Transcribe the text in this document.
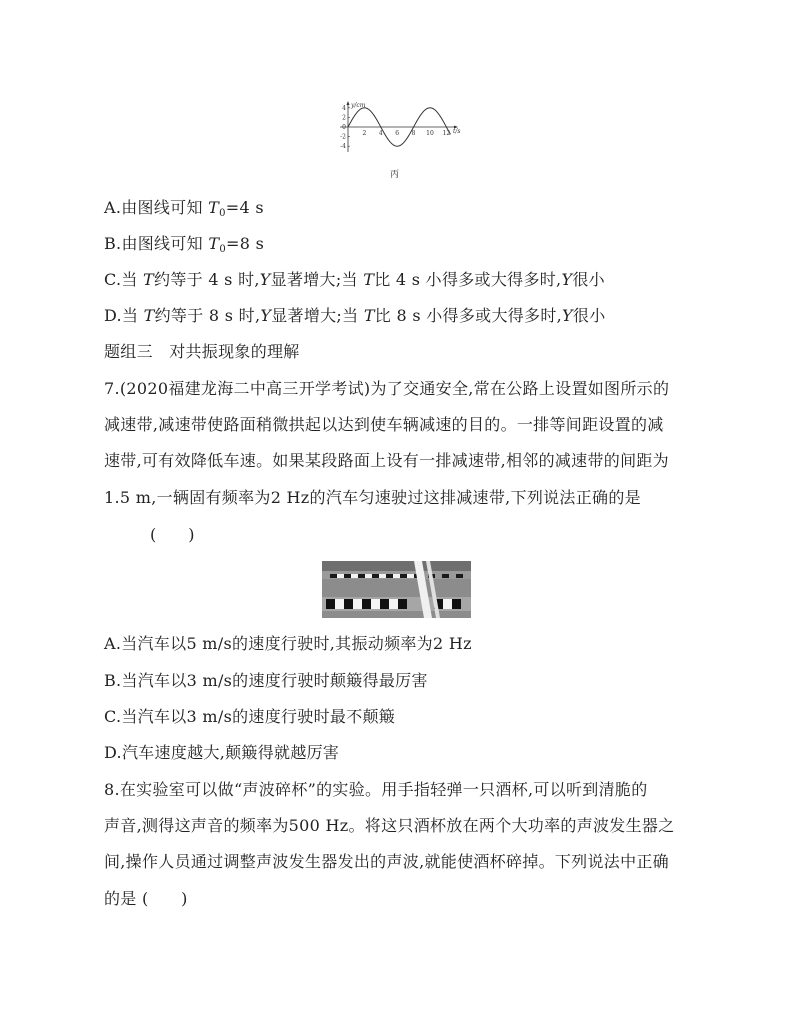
y/cm
t/s
4
2
0
-2
-4
2 4 6 8 10 12
丙
A.由图线可知 $T_0=4$ s
B.由图线可知 $T_0=8$ s
C.当 T约等于 4 s 时,Y显著增大;当 T比 4 s 小得多或大得多时,Y很小
D.当 T约等于 8 s 时,Y显著增大;当 T比 8 s 小得多或大得多时,Y很小
题组三　对共振现象的理解
7.(2020福建龙海二中高三开学考试)为了交通安全,常在公路上设置如图所示的
减速带,减速带使路面稍微拱起以达到使车辆减速的目的。一排等间距设置的减
速带,可有效降低车速。如果某段路面上设有一排减速带,相邻的减速带的间距为
1.5 m,一辆固有频率为2 Hz的汽车匀速驶过这排减速带,下列说法正确的是
(　　)
A.当汽车以5 m/s的速度行驶时,其振动频率为2 Hz
B.当汽车以3 m/s的速度行驶时颠簸得最厉害
C.当汽车以3 m/s的速度行驶时最不颠簸
D.汽车速度越大,颠簸得就越厉害
8.在实验室可以做“声波碎杯”的实验。用手指轻弹一只酒杯,可以听到清脆的
声音,测得这声音的频率为500 Hz。将这只酒杯放在两个大功率的声波发生器之
间,操作人员通过调整声波发生器发出的声波,就能使酒杯碎掉。下列说法中正确
的是 (　　)
